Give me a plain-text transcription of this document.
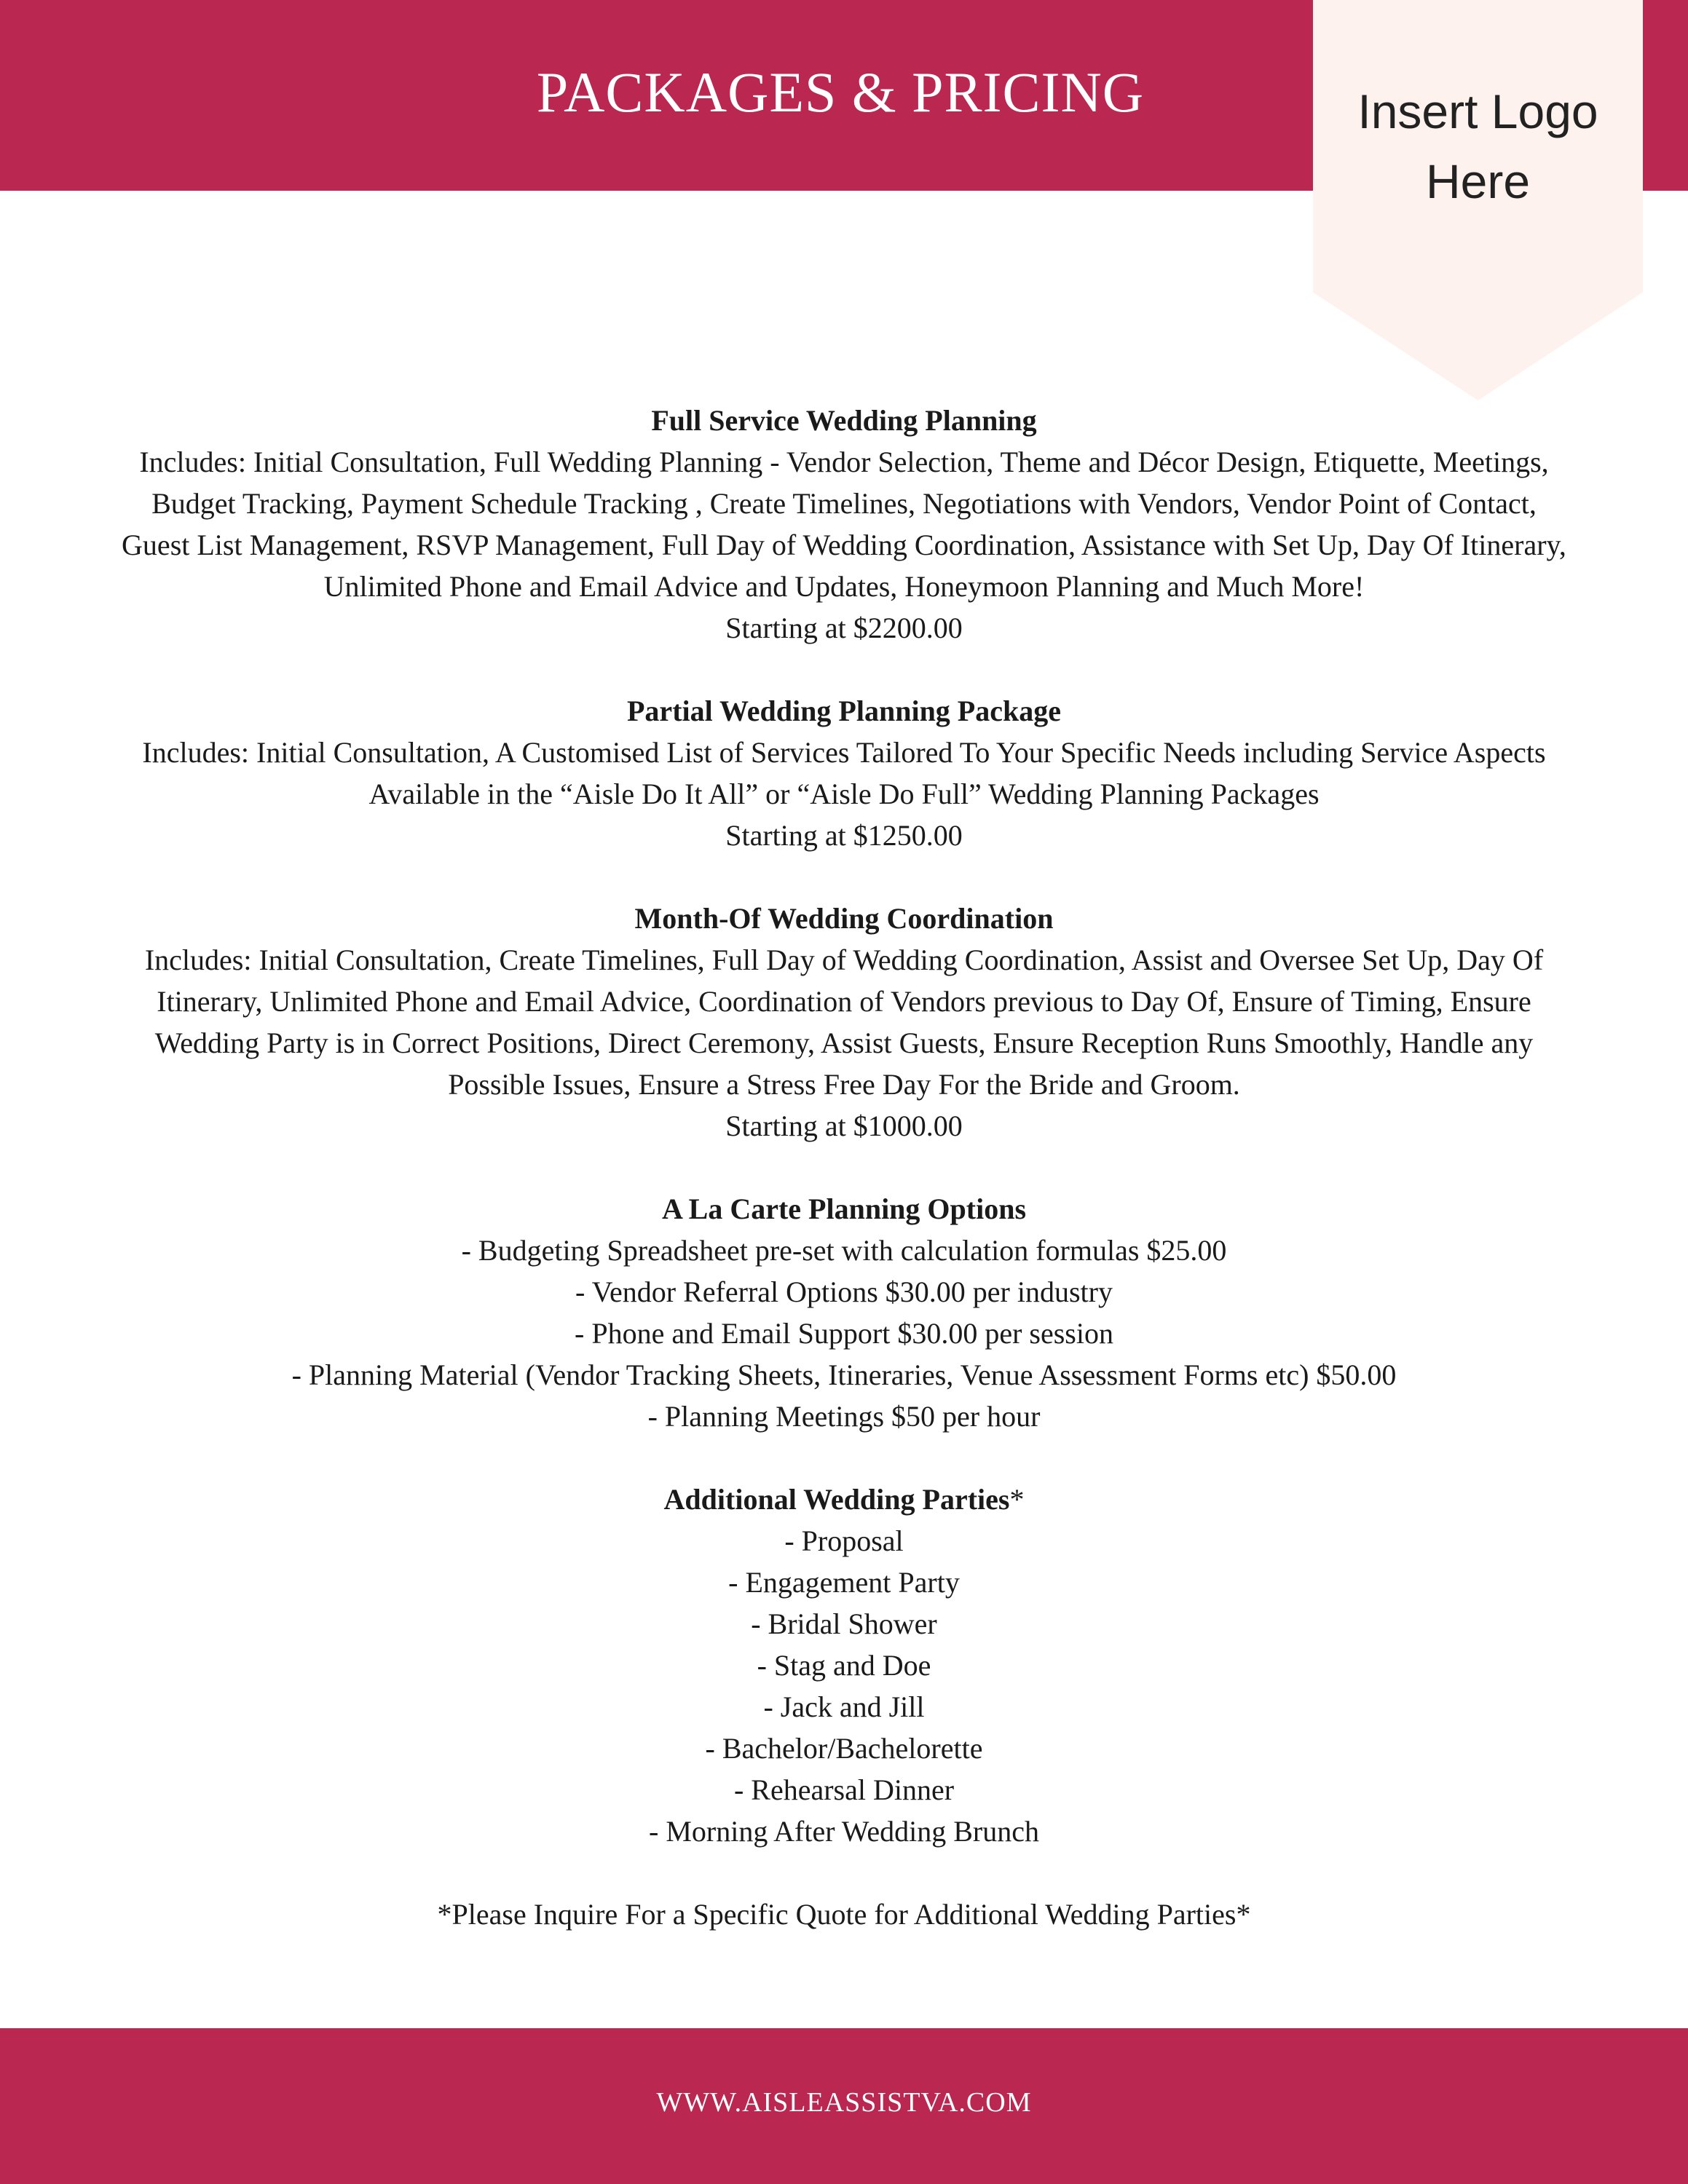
PACKAGES & PRICING	Insert Logo
Here
Full Service Wedding Planning
Includes: Initial Consultation, Full Wedding Planning - Vendor Selection, Theme and Décor Design, Etiquette, Meetings,
Budget Tracking, Payment Schedule Tracking , Create Timelines, Negotiations with Vendors, Vendor Point of Contact,
Guest List Management, RSVP Management, Full Day of Wedding Coordination, Assistance with Set Up, Day Of Itinerary,
Unlimited Phone and Email Advice and Updates, Honeymoon Planning and Much More!
Starting at $2200.00
Partial Wedding Planning Package
Includes: Initial Consultation, A Customised List of Services Tailored To Your Specific Needs including Service Aspects
Available in the “Aisle Do It All” or “Aisle Do Full” Wedding Planning Packages
Starting at $1250.00
Month-Of Wedding Coordination
Includes: Initial Consultation, Create Timelines, Full Day of Wedding Coordination, Assist and Oversee Set Up, Day Of
Itinerary, Unlimited Phone and Email Advice, Coordination of Vendors previous to Day Of, Ensure of Timing, Ensure
Wedding Party is in Correct Positions, Direct Ceremony, Assist Guests, Ensure Reception Runs Smoothly, Handle any
Possible Issues, Ensure a Stress Free Day For the Bride and Groom.
Starting at $1000.00
A La Carte Planning Options
- Budgeting Spreadsheet pre-set with calculation formulas $25.00
- Vendor Referral Options $30.00 per industry
- Phone and Email Support $30.00 per session
- Planning Material (Vendor Tracking Sheets, Itineraries, Venue Assessment Forms etc) $50.00
- Planning Meetings $50 per hour
Additional Wedding Parties*
- Proposal
- Engagement Party
- Bridal Shower
- Stag and Doe
- Jack and Jill
- Bachelor/Bachelorette
- Rehearsal Dinner
- Morning After Wedding Brunch
*Please Inquire For a Specific Quote for Additional Wedding Parties*
WWW.AISLEASSISTVA.COM
